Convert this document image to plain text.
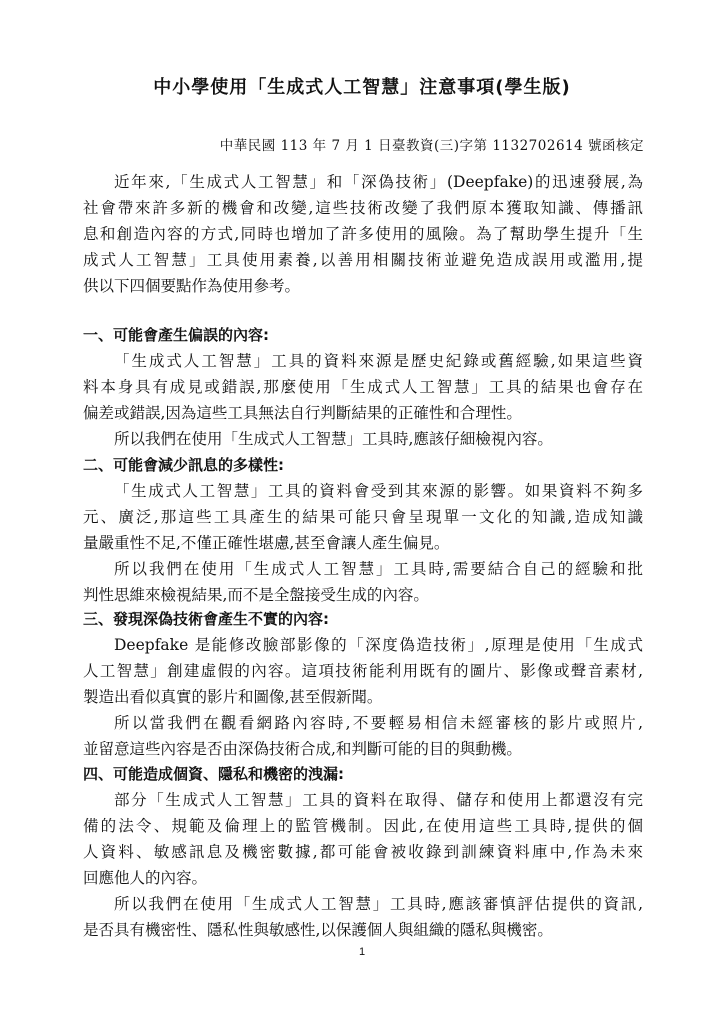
中小學使用「生成式人工智慧」注意事項(學生版)
中華民國 113 年 7 月 1 日臺教資(三)字第 1132702614 號函核定
近年來,「生成式人工智慧」和「深偽技術」(Deepfake)的迅速發展,為
社會帶來許多新的機會和改變,這些技術改變了我們原本獲取知識、傳播訊
息和創造內容的方式,同時也增加了許多使用的風險。為了幫助學生提升「生
成式人工智慧」工具使用素養,以善用相關技術並避免造成誤用或濫用,提
供以下四個要點作為使用參考。
一、可能會產生偏誤的內容:
「生成式人工智慧」工具的資料來源是歷史紀錄或舊經驗,如果這些資
料本身具有成見或錯誤,那麼使用「生成式人工智慧」工具的結果也會存在
偏差或錯誤,因為這些工具無法自行判斷結果的正確性和合理性。
所以我們在使用「生成式人工智慧」工具時,應該仔細檢視內容。
二、可能會減少訊息的多樣性:
「生成式人工智慧」工具的資料會受到其來源的影響。如果資料不夠多
元、廣泛,那這些工具產生的結果可能只會呈現單一文化的知識,造成知識
量嚴重性不足,不僅正確性堪慮,甚至會讓人產生偏見。
所以我們在使用「生成式人工智慧」工具時,需要結合自己的經驗和批
判性思維來檢視結果,而不是全盤接受生成的內容。
三、發現深偽技術會產生不實的內容:
Deepfake 是能修改臉部影像的「深度偽造技術」,原理是使用「生成式
人工智慧」創建虛假的內容。這項技術能利用既有的圖片、影像或聲音素材,
製造出看似真實的影片和圖像,甚至假新聞。
所以當我們在觀看網路內容時,不要輕易相信未經審核的影片或照片,
並留意這些內容是否由深偽技術合成,和判斷可能的目的與動機。
四、可能造成個資、隱私和機密的洩漏:
部分「生成式人工智慧」工具的資料在取得、儲存和使用上都還沒有完
備的法令、規範及倫理上的監管機制。因此,在使用這些工具時,提供的個
人資料、敏感訊息及機密數據,都可能會被收錄到訓練資料庫中,作為未來
回應他人的內容。
所以我們在使用「生成式人工智慧」工具時,應該審慎評估提供的資訊,
是否具有機密性、隱私性與敏感性,以保護個人與組織的隱私與機密。
1
